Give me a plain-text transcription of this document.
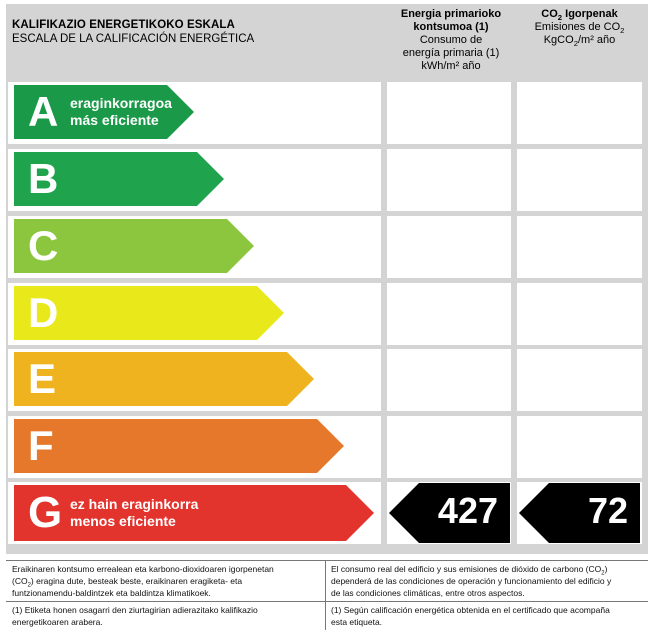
KALIFIKAZIO ENERGETIKOKO ESKALA
ESCALA DE LA CALIFICACIÓN ENERGÉTICA
Energia primarioko
kontsumoa (1)
Consumo de
energía primaria (1)
kWh/m² año
$CO_2$ Igorpenak
Emisiones de $CO_2$
KgCO$_2$/m² año
A eraginkorragoa
más eficiente
B
C
D
E
F
G ez hain eraginkorra
menos eficiente	427 72
Eraikinaren kontsumo errealean eta karbono-dioxidoaren igorpenetan
$(CO_2)$ eragina dute, besteak beste, eraikinaren eragiketa- eta
funtzionamendu-baldintzek eta baldintza klimatikoek.
El consumo real del edificio y sus emisiones de dióxido de carbono $(CO_2)$
dependerá de las condiciones de operación y funcionamiento del edificio y
de las condiciones climáticas, entre otros aspectos.
(1) Etiketa honen osagarri den ziurtagirian adierazitako kalifikazio
energetikoaren arabera.
(1) Según calificación energética obtenida en el certificado que acompaña
esta etiqueta.
